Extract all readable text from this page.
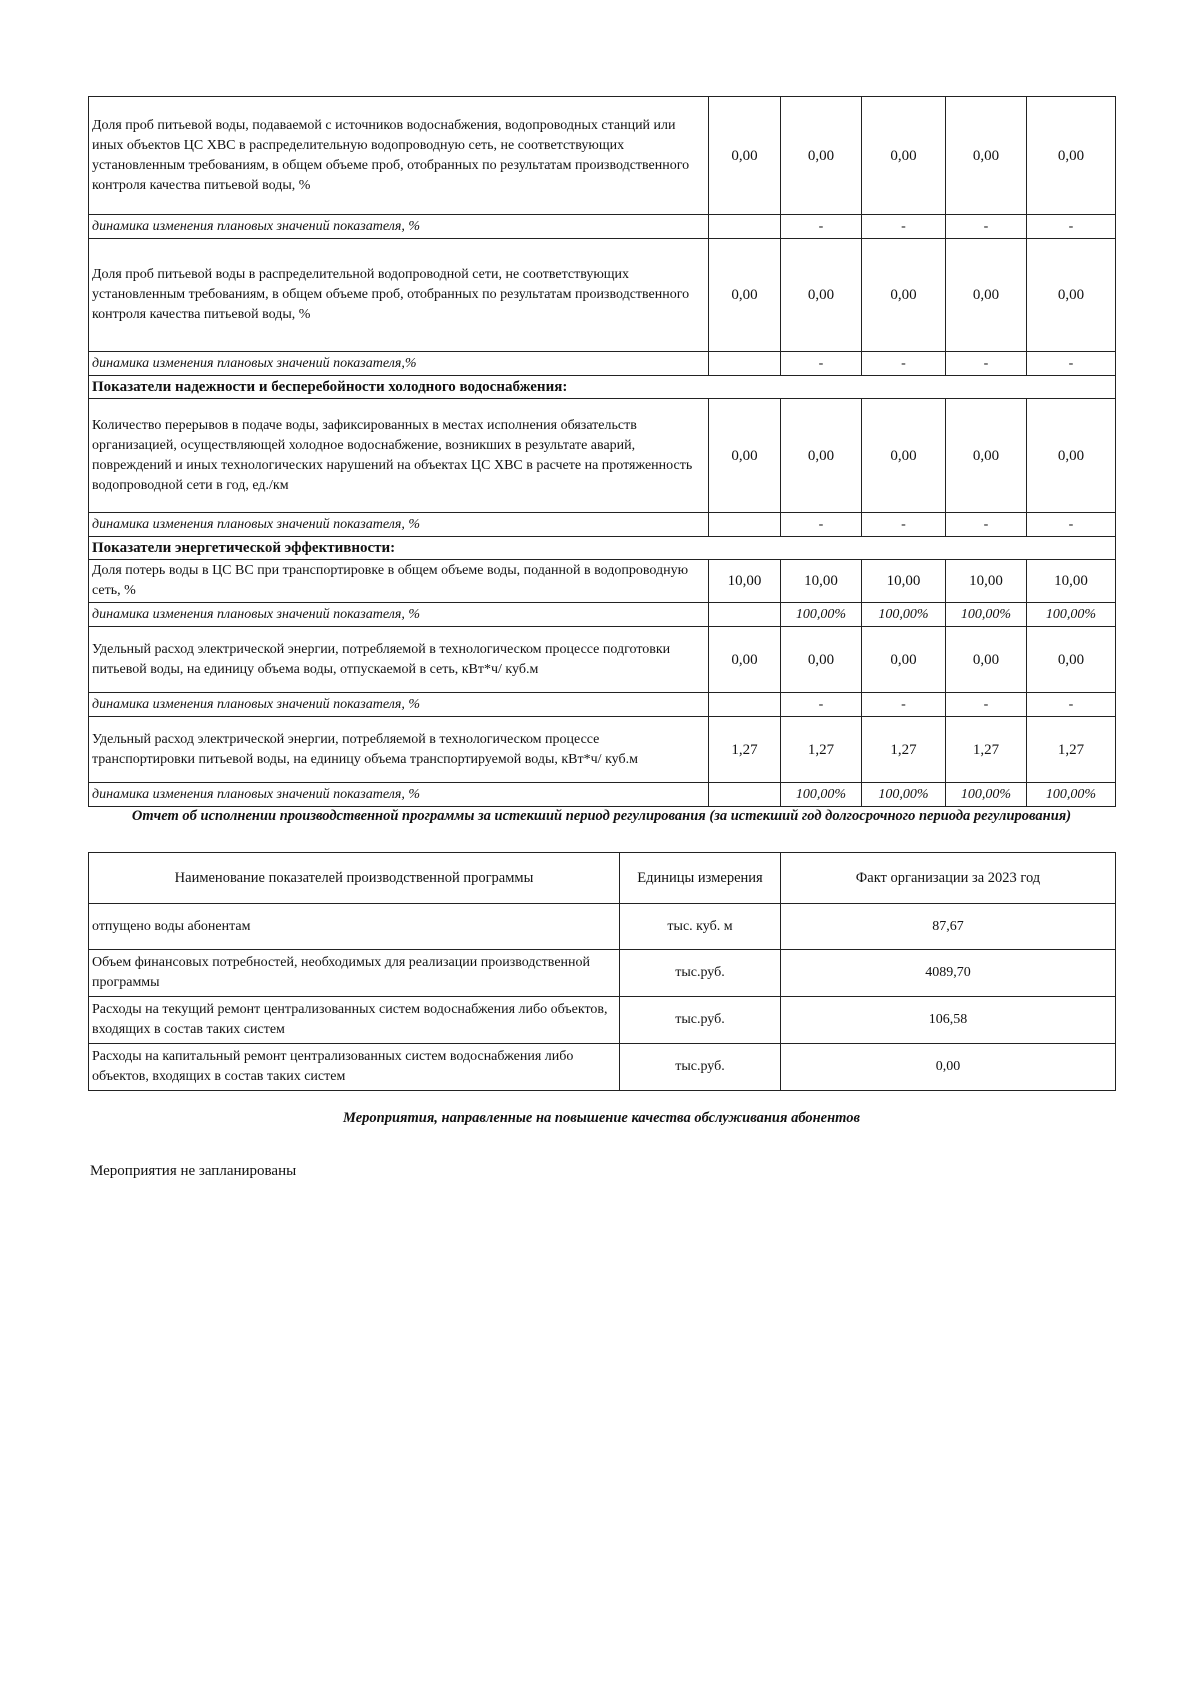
Доля проб питьевой воды, подаваемой с источников водоснабжения, водопроводных станций или иных объектов ЦС ХВС в распределительную водопроводную сеть, не соответствующих установленным требованиям, в общем объеме проб, отобранных по результатам производственного контроля качества питьевой воды, %	0,00	0,00	0,00	0,00	0,00
динамика изменения плановых значений показателя, %		-	-	-	-
Доля проб питьевой воды в распределительной водопроводной сети, не соответствующих установленным требованиям, в общем объеме проб, отобранных по результатам производственного контроля качества питьевой воды, %	0,00	0,00	0,00	0,00	0,00
динамика изменения плановых значений показателя,%		-	-	-	-
Показатели надежности и бесперебойности холодного водоснабжения:					
Количество перерывов в подаче воды, зафиксированных в местах исполнения обязательств организацией, осуществляющей холодное водоснабжение, возникших в результате аварий, повреждений и иных технологических нарушений на объектах ЦС ХВС в расчете на протяженность водопроводной сети в год, ед./км	0,00	0,00	0,00	0,00	0,00
динамика изменения плановых значений показателя, %		-	-	-	-
Показатели энергетической эффективности:					
Доля потерь воды в ЦС ВС при транспортировке в общем объеме воды, поданной в водопроводную сеть, %	10,00	10,00	10,00	10,00	10,00
динамика изменения плановых значений показателя, %		100,00%	100,00%	100,00%	100,00%
Удельный расход электрической энергии, потребляемой в технологическом процессе подготовки питьевой воды, на единицу объема воды, отпускаемой в сеть, кВт*ч/ куб.м	0,00	0,00	0,00	0,00	0,00
динамика изменения плановых значений показателя, %		-	-	-	-
Удельный расход электрической энергии, потребляемой в технологическом процессе транспортировки питьевой воды, на единицу объема транспортируемой воды, кВт*ч/ куб.м	1,27	1,27	1,27	1,27	1,27
динамика изменения плановых значений показателя, %		100,00%	100,00%	100,00%	100,00%
Отчет об исполнении производственной программы за истекший период регулирования (за истекший год долгосрочного периода регулирования)
Наименование показателей производственной программы	Единицы измерения	Факт организации за 2023 год
отпущено воды абонентам	тыс. куб. м	87,67
Объем финансовых потребностей, необходимых для реализации производственной программы	тыс.руб.	4089,70
Расходы на текущий ремонт централизованных систем водоснабжения либо объектов, входящих в состав таких систем	тыс.руб.	106,58
Расходы на капитальный ремонт централизованных систем водоснабжения либо объектов, входящих в состав таких систем	тыс.руб.	0,00
Мероприятия, направленные на повышение качества обслуживания абонентов
Мероприятия не запланированы
